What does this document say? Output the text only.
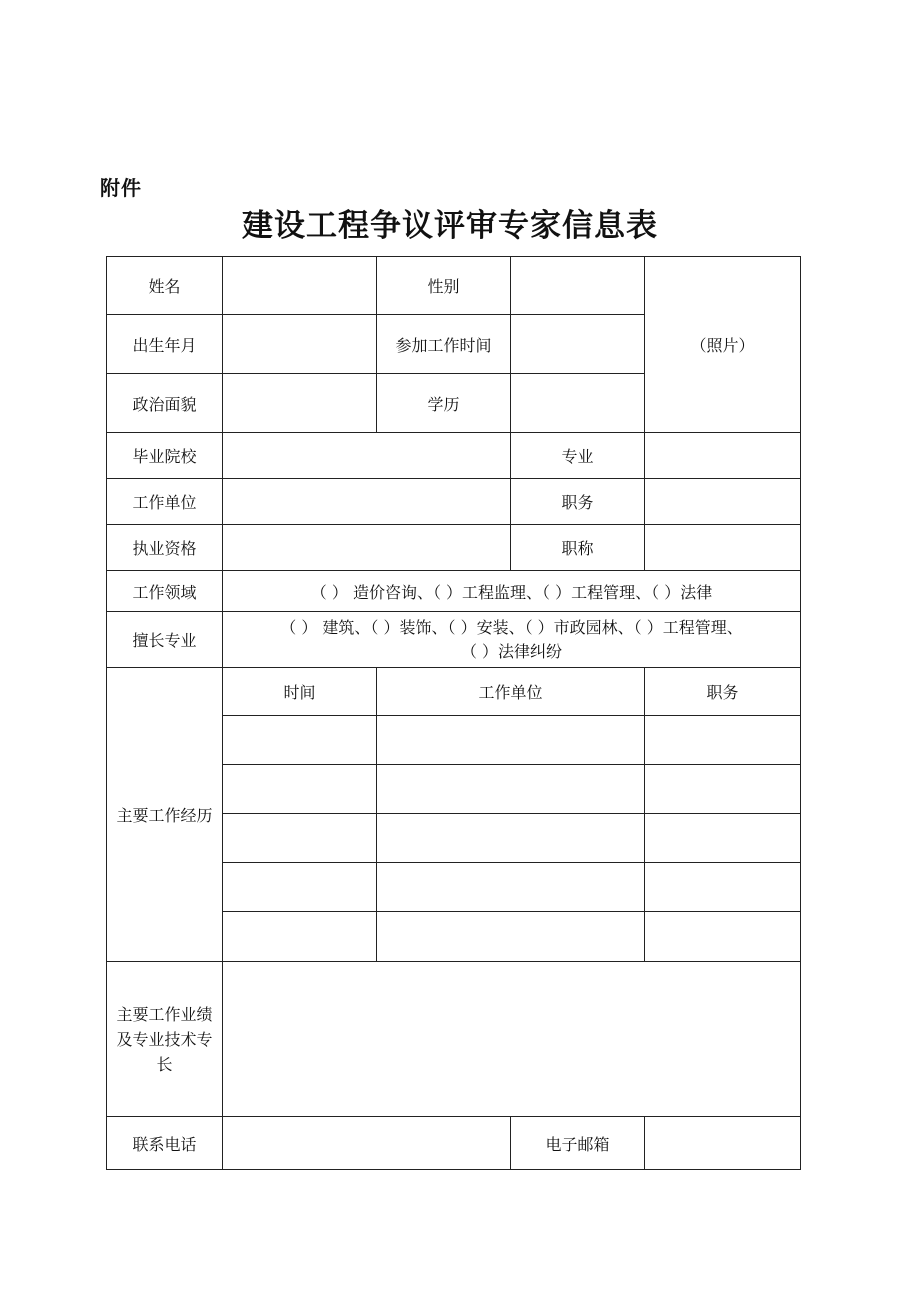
附件
建设工程争议评审专家信息表
姓名		性别		（照片）
出生年月		参加工作时间		
政治面貌		学历		
毕业院校			专业	
工作单位			职务	
执业资格			职称	
工作领域	（ ） 造价咨询、（ ）工程监理、（ ）工程管理、（ ）法律			
擅长专业	（ ） 建筑、（ ）装饰、（ ）安装、（ ）市政园林、（ ）工程管理、
（ ）法律纠纷			

主要工作经历	时间	工作单位		职务

主要工作业绩及专业技术专长				
联系电话			电子邮箱	
